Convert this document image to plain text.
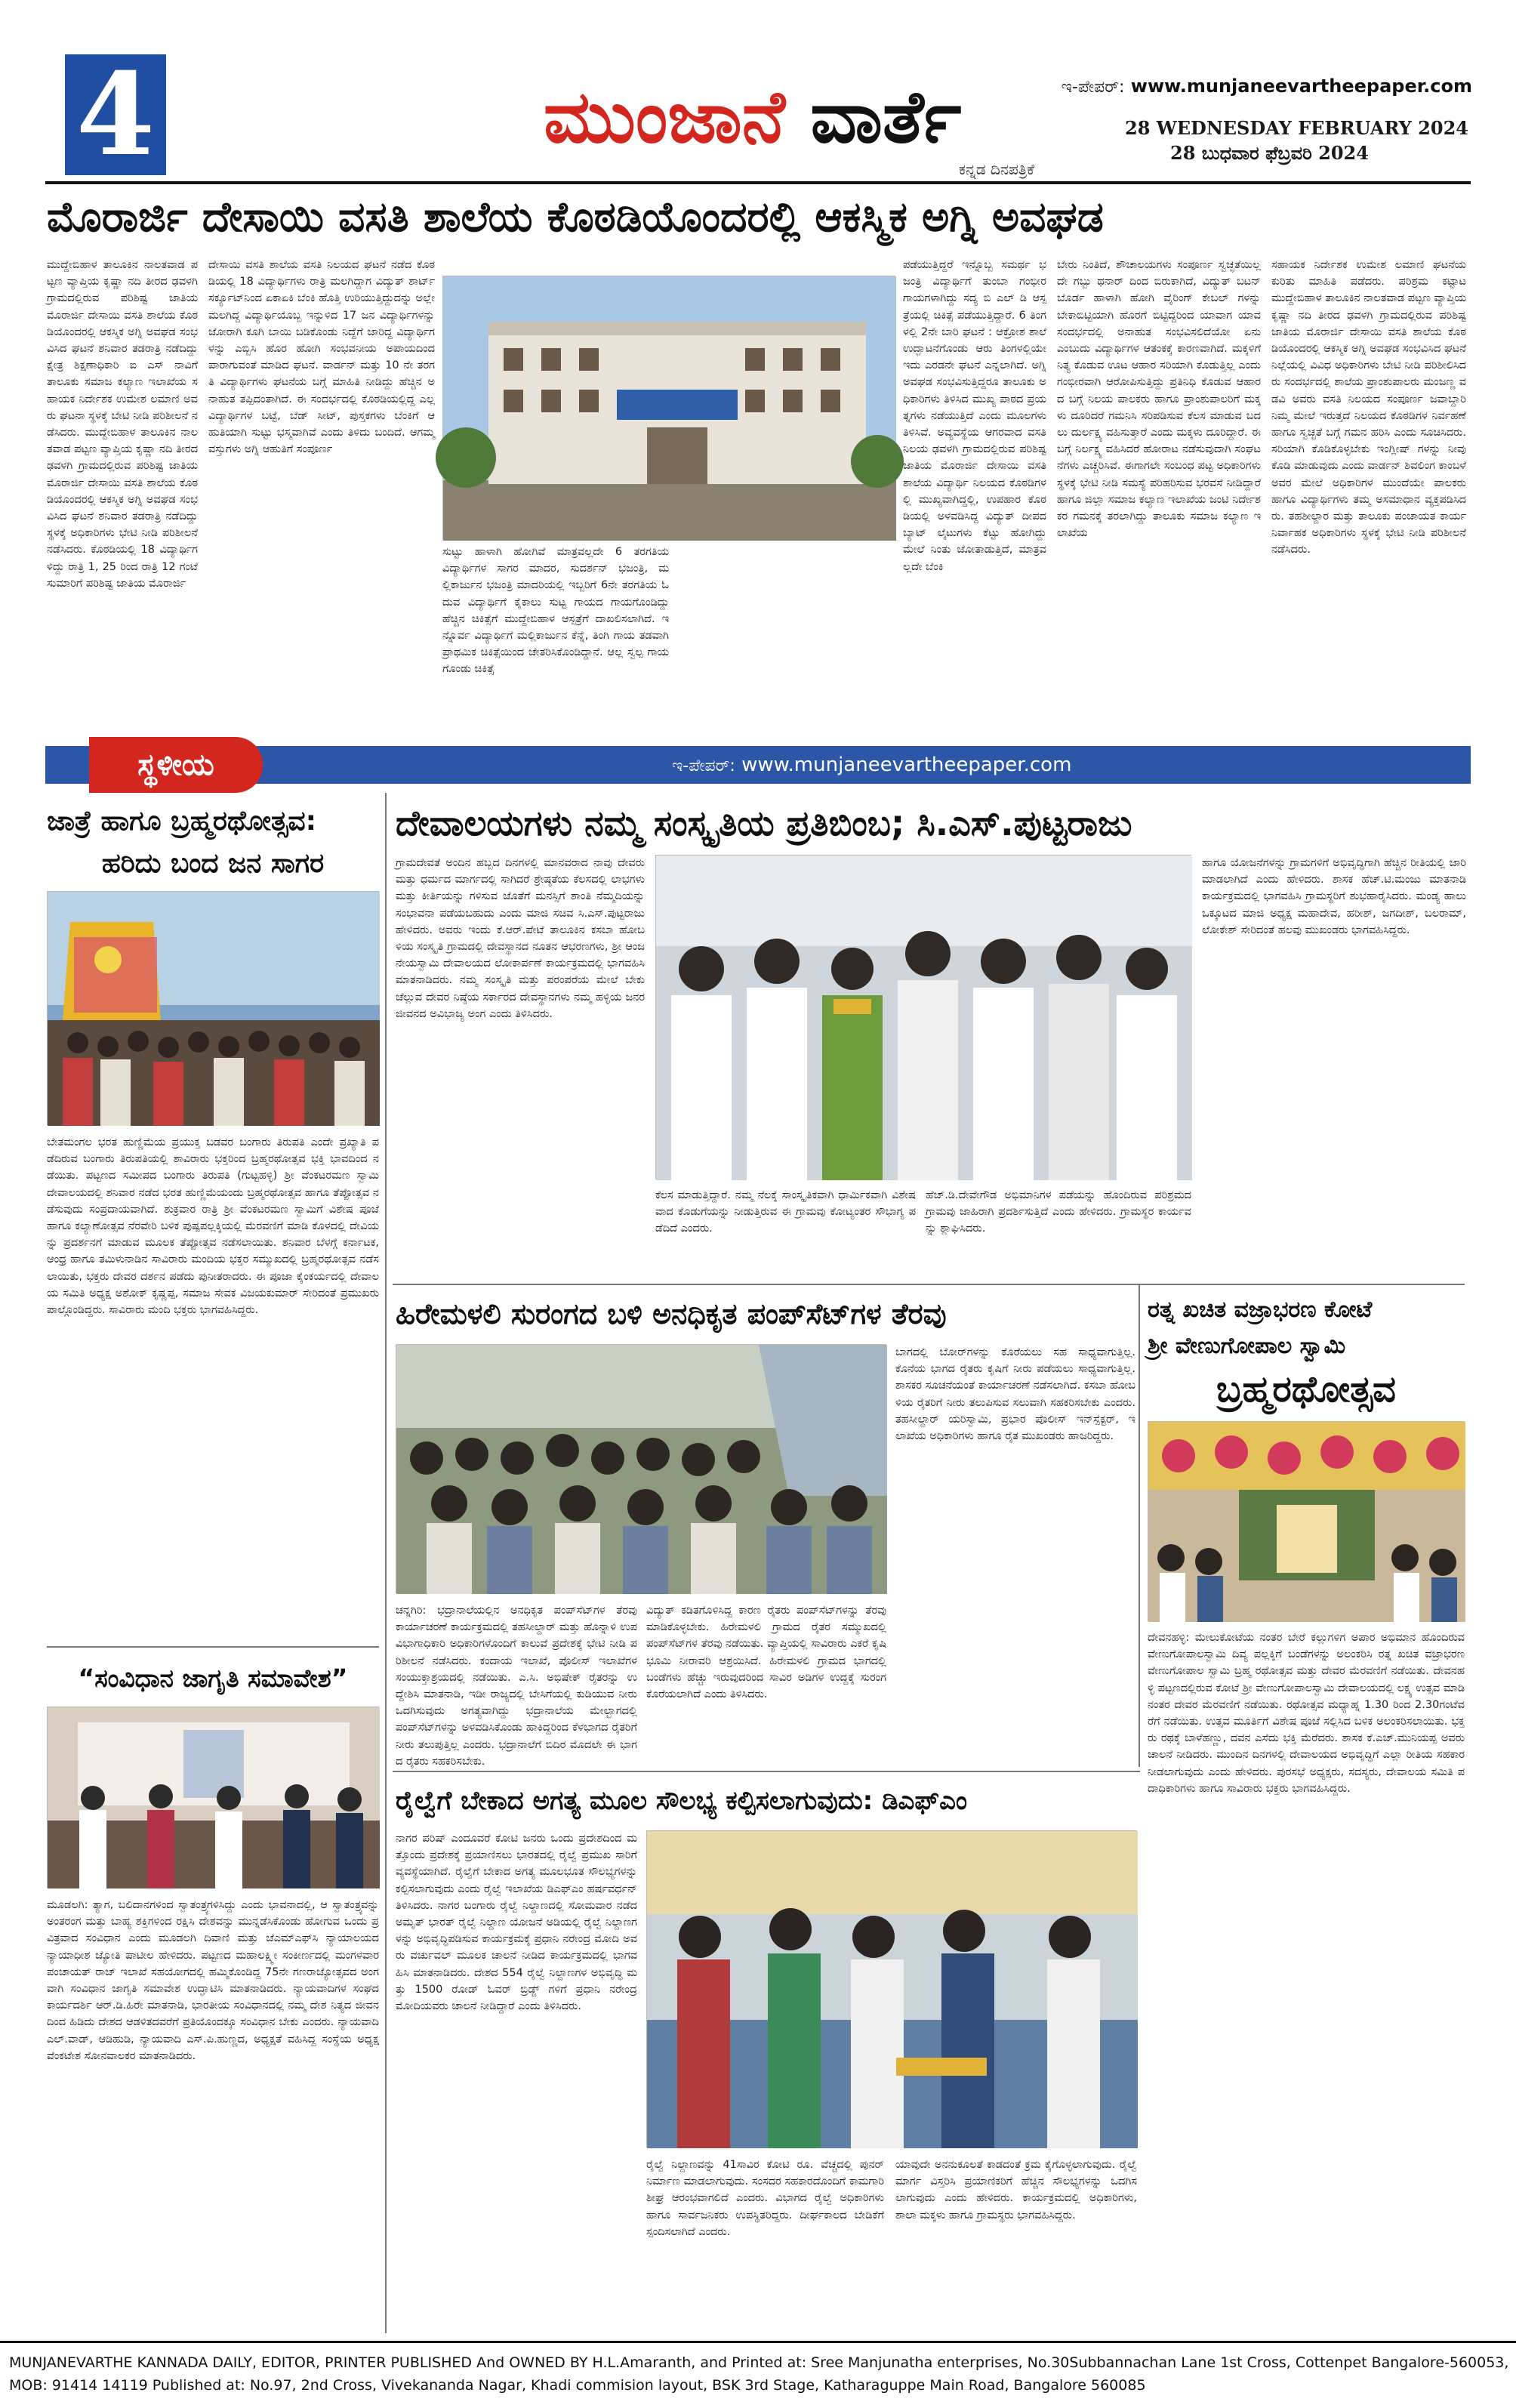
4	ಮುಂಜಾನೆ ವಾರ್ತೆ
ಕನ್ನಡ ದಿನಪತ್ರಿಕೆ
ಇ-ಪೇಪರ್: www.munjaneevartheepaper.com
28 WEDNESDAY FEBRUARY 2024
28 ಬುಧವಾರ ಫೆಬ್ರವರಿ 2024
ಮೊರಾರ್ಜಿ ದೇಸಾಯಿ ವಸತಿ ಶಾಲೆಯ ಕೊಠಡಿಯೊಂದರಲ್ಲಿ ಆಕಸ್ಮಿಕ ಅಗ್ನಿ ಅವಘಡ
ಮುದ್ದೇಬಿಹಾಳ ತಾಲೂಕಿನ ನಾಲತವಾಡ ಪಟ್ಟಣ ವ್ಯಾಪ್ತಿಯ ಕೃಷ್ಣಾ ನದಿ ತೀರದ ಢವಳಗಿ ಗ್ರಾಮದಲ್ಲಿರುವ ಪರಿಶಿಷ್ಟ ಜಾತಿಯ ಮೊರಾರ್ಜಿ ದೇಸಾಯಿ ವಸತಿ ಶಾಲೆಯ ಕೊಠಡಿಯೊಂದರಲ್ಲಿ ಆಕಸ್ಮಿಕ ಅಗ್ನಿ ಅವಘಡ ಸಂಭವಿಸಿದ ಘಟನೆ ಶನಿವಾರ ತಡರಾತ್ರಿ ನಡೆದಿದ್ದು ಕ್ಷೇತ್ರ ಶಿಕ್ಷಣಾಧಿಕಾರಿ ಐ ಎಸ್ ನಾವಿಗೆ ತಾಲೂಕು ಸಮಾಜ ಕಲ್ಯಾಣ ಇಲಾಖೆಯ ಸಹಾಯಕ ನಿರ್ದೇಶಕ ಉಮೇಶ ಲಮಾಣಿ ಅವರು ಘಟನಾ ಸ್ಥಳಕ್ಕೆ ಬೇಟಿ ನೀಡಿ ಪರಿಶೀಲನೆ ನಡೆಸಿದರು. ಮುದ್ದೇಬಿಹಾಳ ತಾಲೂಕಿನ ನಾಲತವಾಡ ಪಟ್ಟಣ ವ್ಯಾಪ್ತಿಯ ಕೃಷ್ಣಾ ನದಿ ತೀರದ ಢವಳಗಿ ಗ್ರಾಮದಲ್ಲಿರುವ ಪರಿಶಿಷ್ಟ ಜಾತಿಯ ಮೊರಾರ್ಜಿ ದೇಸಾಯಿ ವಸತಿ ಶಾಲೆಯ ಕೊಠಡಿಯೊಂದರಲ್ಲಿ ಆಕಸ್ಮಿಕ ಅಗ್ನಿ ಅವಘಡ ಸಂಭವಿಸಿದ ಘಟನೆ ಶನಿವಾರ ತಡರಾತ್ರಿ ನಡೆದಿದ್ದು ಸ್ಥಳಕ್ಕೆ ಅಧಿಕಾರಿಗಳು ಭೇಟಿ ನೀಡಿ ಪರಿಶೀಲನೆ ನಡೆಸಿದರು. ಕೊಠಡಿಯಲ್ಲಿ 18 ವಿದ್ಯಾರ್ಥಿಗಳಿದ್ದು ರಾತ್ರಿ 1, 25 ರಿಂದ ರಾತ್ರಿ 12 ಗಂಟೆ ಸುಮಾರಿಗೆ ಪರಿಶಿಷ್ಟ ಜಾತಿಯ ಮೊರಾರ್ಜಿ
ದೇಸಾಯಿ ವಸತಿ ಶಾಲೆಯ ವಸತಿ ನಿಲಯದ ಘಟನೆ ನಡೆದ ಕೊಠಡಿಯಲ್ಲಿ 18 ವಿದ್ಯಾರ್ಥಿಗಳು ರಾತ್ರಿ ಮಲಗಿದ್ದಾಗ ವಿದ್ಯುತ್ ಶಾರ್ಟ್ ಸರ್ಕ್ಯೂಟ್‌ನಿಂದ ಏಕಾಏಕಿ ಬೆಂಕಿ ಹೊತ್ತಿ ಉರಿಯುತ್ತಿದ್ದುದನ್ನು ಅಲ್ಲೇ ಮಲಗಿದ್ದ ವಿದ್ಯಾರ್ಥಿಯೊಬ್ಬ ಇನ್ನುಳಿದ 17 ಜನ ವಿದ್ಯಾರ್ಥಿಗಳನ್ನು ಜೋರಾಗಿ ಕೂಗಿ ಬಾಯಿ ಬಡಿಕೊಂಡು ನಿದ್ದೆಗೆ ಜಾರಿದ್ದ ವಿದ್ಯಾರ್ಥಿಗಳನ್ನು ಎಬ್ಬಿಸಿ ಹೊರ ಹೋಗಿ ಸಂಭವನೀಯ ಅಪಾಯದಿಂದ ಪಾರಾಗುವಂತೆ ಮಾಡಿದ ಘಟನೆ. ವಾರ್ಡನ್ ಮತ್ತು 10 ನೇ ತರಗತಿ ವಿದ್ಯಾರ್ಥಿಗಳು ಘಟನೆಯ ಬಗ್ಗೆ ಮಾಹಿತಿ ನೀಡಿದ್ದು ಹೆಚ್ಚಿನ ಅನಾಹುತ ತಪ್ಪಿದಂತಾಗಿದೆ. ಈ ಸಂದರ್ಭದಲ್ಲಿ ಕೊಠಡಿಯಲ್ಲಿದ್ದ ಎಲ್ಲ ವಿದ್ಯಾರ್ಥಿಗಳ ಬಟ್ಟೆ, ಬೆಡ್ ಸೀಟ್, ಪುಸ್ತಕಗಳು ಬೆಂಕಿಗೆ ಆಹುತಿಯಾಗಿ ಸುಟ್ಟು ಭಸ್ಮವಾಗಿವೆ ಎಂದು ತಿಳಿದು ಬಂದಿದೆ. ಆಗಮ್ಮ ವಸ್ತುಗಳು ಅಗ್ನಿ ಆಹುತಿಗೆ ಸಂಪೂರ್ಣ
ಸುಟ್ಟು ಹಾಳಾಗಿ ಹೋಗಿವೆ ಮಾತ್ರವಲ್ಲದೇ 6 ತರಗತಿಯ ವಿದ್ಯಾರ್ಥಿಗಳ ಸಾಗರ ಮಾದರ, ಸುದರ್ಶನ್ ಭಜಂತ್ರಿ, ಮಲ್ಲಿಕಾರ್ಜುನ ಭಜಂತ್ರಿ ಮಾದರಿಯಲ್ಲಿ ಇಬ್ಬರಿಗೆ 6ನೇ ತರಗತಿಯ ಓದುವ ವಿದ್ಯಾರ್ಥಿಗೆ ಕೈಕಾಲು ಸುಟ್ಟ ಗಾಯದ ಗಾಯಗೊಂಡಿದ್ದು ಹೆಚ್ಚಿನ ಚಿಕಿತ್ಸೆಗೆ ಮುದ್ದೇಬಿಹಾಳ ಆಸ್ಪತ್ರೆಗೆ ದಾಖಲಿಸಲಾಗಿದೆ. ಇನ್ನೊರ್ವ ವಿದ್ಯಾರ್ಥಿಗೆ ಮಲ್ಲಿಕಾರ್ಜುನ ಕೆನ್ನೆ, ತಿಂಗಿ ಗಾಯ ತಡವಾಗಿ ಪ್ರಾಥಮಿಕ ಚಿಕಿತ್ಸೆಯಿಂದ ಚೇತರಿಸಿಕೊಂಡಿದ್ದಾನೆ. ಆಲ್ಲ ಸ್ವಲ್ಪ ಗಾಯಗೊಂಡು ಚಿಕಿತ್ಸೆ
ಪಡೆಯುತ್ತಿದ್ದರೆ ಇನ್ನೊಬ್ಬ ಸಮರ್ಥ ಭಜಂತ್ರಿ ವಿದ್ಯಾರ್ಥಿಗೆ ತುಂಬಾ ಗಂಭೀರ ಗಾಯಗಳಾಗಿದ್ದು ಸದ್ಯ ಬಿ ಎಲ್ ಡಿ ಆಸ್ಪತ್ರೆಯಲ್ಲಿ ಚಿಕಿತ್ಸೆ ಪಡೆಯುತ್ತಿದ್ದಾರೆ. 6 ತಿಂಗಳಲ್ಲಿ 2ನೇ ಬಾರಿ ಘಟನೆ : ಆಕ್ರೋಶ ಶಾಲೆ ಉದ್ಘಾಟನೆಗೊಂಡು ಆರು ತಿಂಗಳಲ್ಲಿಯೇ ಇದು ಎರಡನೇ ಘಟನೆ ಎನ್ನಲಾಗಿದೆ. ಅಗ್ನಿ ಅವಘಡ ಸಂಭವಿಸುತ್ತಿದ್ದರೂ ತಾಲೂಕು ಅಧಿಕಾರಿಗಳು ತಿಳಿಸಿದ ಮುಖ್ಯ ಪಾಠದ ಪ್ರಯತ್ನಗಳು ನಡೆಯುತ್ತಿದೆ ಎಂದು ಮೂಲಗಳು ತಿಳಿಸಿವೆ. ಅವ್ಯವಸ್ಥೆಯ ಆಗರವಾದ ವಸತಿ ನಿಲಯ ಢವಳಗಿ ಗ್ರಾಮದಲ್ಲಿರುವ ಪರಿಶಿಷ್ಟ ಜಾತಿಯ ಮೊರಾರ್ಜಿ ದೇಸಾಯಿ ವಸತಿ ಶಾಲೆಯ ವಿದ್ಯಾರ್ಥಿ ನಿಲಯದ ಕೊಠಡಿಗಳಲ್ಲಿ ಮುಖ್ಯವಾಗಿದ್ದಲ್ಲಿ, ಉಪಹಾರ ಕೊಠಡಿಯಲ್ಲಿ ಅಳವಡಿಸಿದ್ದ ವಿದ್ಯುತ್ ದೀಪದ ಬ್ಯಾಟ್ ಲೈಟುಗಳು ಕೆಟ್ಟು ಹೋಗಿದ್ದು ಮೇಲೆ ನಿಂತು ಜೋತಾಡುತ್ತಿದೆ, ಮಾತ್ರವಲ್ಲದೇ ಬೆಂಕಿ
ಬೇರು ನಿಂತಿದೆ, ಶೌಚಾಲಯಗಳು ಸಂಪೂರ್ಣ ಸ್ವಚ್ಛತೆಯಿಲ್ಲದೇ ಗಬ್ಬು ಥನಾರ್ ದಿಂದ ಬಿರುಕಾಗಿದೆ, ವಿದ್ಯುತ್ ಬಟನ್ ಬೊರ್ಡ ಹಾಳಾಗಿ ಹೋಗಿ ವೈರಿಂಗ್ ಕೇಬಲ್ ಗಳನ್ನು ಬೇಕಾಬಿಟ್ಟಿಯಾಗಿ ಹೊರಗೆ ಬಿಟ್ಟಿದ್ದರಿಂದ ಯಾವಾಗ ಯಾವ ಸಂದರ್ಭದಲ್ಲಿ ಅನಾಹುತ ಸಂಭವಿಸಲಿದೆಯೋ ಏನು ಎಂಬುದು ವಿದ್ಯಾರ್ಥಿಗಳ ಆತಂಕಕ್ಕೆ ಕಾರಣವಾಗಿದೆ. ಮಕ್ಕಳಿಗೆ ನಿತ್ಯ ಕೊಡುವ ಊಟ ಆಹಾರ ಸರಿಯಾಗಿ ಕೊಡುತ್ತಿಲ್ಲ ಎಂದು ಗಂಭೀರವಾಗಿ ಆರೋಪಿಸುತ್ತಿದ್ದು ಪ್ರತಿನಿಧಿ ಕೊಡುವ ಆಹಾರದ ಬಗ್ಗೆ ನಿಲಯ ಪಾಲಕರು ಹಾಗೂ ಪ್ರಾಂಶುಪಾಲರಿಗೆ ಮಕ್ಕಳು ದೂರಿದರೆ ಗಮನಿಸಿ ಸರಿಪಡಿಸುವ ಕೆಲಸ ಮಾಡುವ ಬದಲು ದುರ್ಲಕ್ಷ್ಯ ವಹಿಸುತ್ತಾರೆ ಎಂದು ಮಕ್ಕಳು ದೂರಿದ್ದಾರೆ. ಈ ಬಗ್ಗೆ ನಿರ್ಲಕ್ಷ್ಯ ವಹಿಸಿದರೆ ಹೋರಾಟ ನಡೆಸುವುದಾಗಿ ಸಂಘಟನೆಗಳು ಎಚ್ಚರಿಸಿವೆ. ಈಗಾಗಲೇ ಸಂಬಂಧ ಪಟ್ಟ ಅಧಿಕಾರಿಗಳು ಸ್ಥಳಕ್ಕೆ ಭೇಟಿ ನೀಡಿ ಸಮಸ್ಯೆ ಪರಿಹರಿಸುವ ಭರವಸೆ ನೀಡಿದ್ದಾರೆ ಹಾಗೂ ಜಿಲ್ಲಾ ಸಮಾಜ ಕಲ್ಯಾಣ ಇಲಾಖೆಯ ಜಂಟಿ ನಿರ್ದೇಶಕರ ಗಮನಕ್ಕೆ ತರಲಾಗಿದ್ದು ತಾಲೂಕು ಸಮಾಜ ಕಲ್ಯಾಣ ಇಲಾಖೆಯ
ಸಹಾಯಕ ನಿರ್ದೇಶಕ ಉಮೇಶ ಲಮಾಣಿ ಘಟನೆಯ ಕುರಿತು ಮಾಹಿತಿ ಪಡೆದರು. ಪರಿಶ್ರಮ ಕಟ್ಟಾಟ ಮುದ್ದೇಬಿಹಾಳ ತಾಲೂಕಿನ ನಾಲತವಾಡ ಪಟ್ಟಣ ವ್ಯಾಪ್ತಿಯ ಕೃಷ್ಣಾ ನದಿ ತೀರದ ಢವಳಗಿ ಗ್ರಾಮದಲ್ಲಿರುವ ಪರಿಶಿಷ್ಟ ಜಾತಿಯ ಮೊರಾರ್ಜಿ ದೇಸಾಯಿ ವಸತಿ ಶಾಲೆಯ ಕೊಠಡಿಯೊಂದರಲ್ಲಿ ಆಕಸ್ಮಿಕ ಅಗ್ನಿ ಅವಘಡ ಸಂಭವಿಸಿದ ಘಟನೆ ನಿಲ್ಲೆಯಲ್ಲಿ ವಿವಿಧ ಅಧಿಕಾರಿಗಳು ಬೇಟಿ ನೀಡಿ ಪರಿಶೀಲಿಸಿದರು ಸಂದರ್ಭದಲ್ಲಿ ಶಾಲೆಯ ಪ್ರಾಂಶುಪಾಲರು ಮಂಜಣ್ಣ ವಡವಿ ಅವರು ವಸತಿ ನಿಲಯದ ಸಂಪೂರ್ಣ ಜವಾಬ್ದಾರಿ ನಿಮ್ಮ ಮೇಲೆ ಇರುತ್ತದೆ ನಿಲಯದ ಕೊಠಡಿಗಳ ನಿರ್ವಹಣೆ ಹಾಗೂ ಸ್ವಚ್ಛತೆ ಬಗ್ಗೆ ಗಮನ ಹರಿಸಿ ಎಂದು ಸೂಚಿಸಿದರು. ಸರಿಯಾಗಿ ಕೊಡಿಕೊಳ್ಳಬೇಕು ಇಂಗ್ಲೀಷ್ ಗಳನ್ನು ನೀವು ಕೊಡಿ ಮಾಡುವುದು ಎಂದು ವಾರ್ಡನ್ ಶಿವಲಿಂಗ ಕಾಂಬಳೆ ಅವರ ಮೇಲೆ ಅಧಿಕಾರಿಗಳ ಮುಂದೆಯೇ ಪಾಲಕರು ಹಾಗೂ ವಿದ್ಯಾರ್ಥಿಗಳು ತಮ್ಮ ಅಸಮಾಧಾನ ವ್ಯಕ್ತಪಡಿಸಿದರು. ತಹಶೀಲ್ದಾರ ಮತ್ತು ತಾಲೂಕು ಪಂಚಾಯತ ಕಾರ್ಯನಿರ್ವಾಹಕ ಅಧಿಕಾರಿಗಳು ಸ್ಥಳಕ್ಕೆ ಭೇಟಿ ನೀಡಿ ಪರಿಶೀಲನೆ ನಡೆಸಿದರು.
ಸ್ಥಳೀಯ	ಇ-ಪೇಪರ್: www.munjaneevartheepaper.com
ಜಾತ್ರೆ ಹಾಗೂ ಬ್ರಹ್ಮರಥೋತ್ಸವ:
ಹರಿದು ಬಂದ ಜನ ಸಾಗರ
ಬೇತಮಂಗಲ ಭರತ ಹುಣ್ಣಿಮೆಯ ಪ್ರಯುಕ್ತ ಬಡವರ ಬಂಗಾರು ತಿರುಪತಿ ಎಂದೇ ಪ್ರಖ್ಯಾತಿ ಪಡೆದಿರುವ ಬಂಗಾರು ತಿರುಪತಿಯಲ್ಲಿ ಶಾವಿರಾರು ಭಕ್ತರಿಂದ ಬ್ರಹ್ಮರಥೋತ್ಸವ ಭಕ್ತಿ ಭಾವದಿಂದ ನಡೆಯಿತು. ಪಟ್ಟಣದ ಸಮೀಪದ ಬಂಗಾರು ತಿರುಪತಿ (ಗುಟ್ಟಹಳ್ಳಿ) ಶ್ರೀ ವೆಂಕಟರಮಣ ಸ್ವಾಮಿ ದೇವಾಲಯದಲ್ಲಿ ಶನಿವಾರ ನಡೆದ ಭರತ ಹುಣ್ಣಿಮೆಯಂದು ಬ್ರಹ್ಮರಥೋತ್ಸವ ಹಾಗೂ ತೆಪ್ಪೋತ್ಸವ ನಡೆಸುವುದು ಸಂಪ್ರದಾಯವಾಗಿದೆ. ಶುಕ್ರವಾರ ರಾತ್ರಿ ಶ್ರೀ ವೆಂಕಟರಮಣ ಸ್ವಾಮಿಗೆ ವಿಶೇಷ ಪೂಜೆ ಹಾಗೂ ಕಲ್ಯಾಣೋತ್ಸವ ನೆರವೇರಿ ಬಳಿಕ ಪುಷ್ಪಪಲ್ಲಕ್ಕಿಯಲ್ಲಿ ಮೆರವಣಿಗೆ ಮಾಡಿ ಕೊಳದಲ್ಲಿ ದೇವಿಯನ್ನು ಪ್ರದರ್ಶನಗೆ ಮಾಡುವ ಮೂಲಕ ತೆಪ್ಪೋತ್ಸವ ನಡೆಸಲಾಯಿತು. ಶನಿವಾರ ಬೆಳಗ್ಗೆ ಕರ್ನಾಟಕ, ಆಂಧ್ರ ಹಾಗೂ ತಮಿಳುನಾಡಿನ ಸಾವಿರಾರು ಮಂದಿಯ ಭಕ್ತರ ಸಮ್ಮುಖದಲ್ಲಿ ಬ್ರಹ್ಮರಥೋತ್ಸವ ನಡೆಸಲಾಯಿತು, ಭಕ್ತರು ದೇವರ ದರ್ಶನ ಪಡೆದು ಪುನೀತರಾದರು. ಈ ಪೂಜಾ ಕೈಂಕರ್ಯದಲ್ಲಿ ದೇವಾಲಯ ಸಮಿತಿ ಅಧ್ಯಕ್ಷ ಅಶೋಕ್ ಕೃಷ್ಣಪ್ಪ, ಸಮಾಜ ಸೇವಕ ವಿಜಯಕುಮಾರ್ ಸೇರಿದಂತೆ ಪ್ರಮುಖರು ಪಾಲ್ಗೊಂಡಿದ್ದರು. ಸಾವಿರಾರು ಮಂದಿ ಭಕ್ತರು ಭಾಗವಹಿಸಿದ್ದರು.
“ಸಂವಿಧಾನ ಜಾಗೃತಿ ಸಮಾವೇಶ”
ಮೂಡಲಗಿ: ತ್ಯಾಗ, ಬಲಿದಾನಗಳಿಂದ ಸ್ವಾತಂತ್ರ್ಯಗಳಿಸಿದ್ದು ಎಂದು ಭಾವನಾದಲ್ಲಿ, ಆ ಸ್ವಾತಂತ್ರ್ಯವನ್ನು ಅಂತರಂಗ ಮತ್ತು ಬಾಹ್ಯ ಶಕ್ತಿಗಳಿಂದ ರಕ್ಷಿಸಿ ದೇಶವನ್ನು ಮುನ್ನಡೆಸಿಕೊಂಡು ಹೋಗುವ ಒಂದು ಪ್ರವಿತ್ರವಾದ ಸಂವಿಧಾನ ಎಂದು ಮೂಡಲಗಿ ದಿವಾಣಿ ಮತ್ತು ಜೆಎಮ್‌ಎಫ್‌ಸಿ ನ್ಯಾಯಾಲಯದ ನ್ಯಾಯಾಧೀಶ ಜ್ಯೋತಿ ಪಾಟೀಲ ಹೇಳಿದರು. ಪಟ್ಟಣದ ಮಹಾಲಕ್ಷ್ಮೀ ಸಂಕೀರ್ಣದಲ್ಲಿ ಮಂಗಳವಾರ ಪಂಚಾಯತ್ ರಾಜ್ ಇಲಾಖೆ ಸಹಯೋಗದಲ್ಲಿ ಹಮ್ಮಿಕೊಂಡಿದ್ದ 75ನೇ ಗಣರಾಜ್ಯೋತ್ಸವದ ಅಂಗವಾಗಿ ಸಂವಿಧಾನ ಜಾಗೃತಿ ಸಮಾವೇಶ ಉದ್ಘಾಟಿಸಿ ಮಾತನಾಡಿದರು. ನ್ಯಾಯವಾದಿಗಳ ಸಂಘದ ಕಾರ್ಯದರ್ಶಿ ಆರ್.ಡಿ.ಹಿರೇ ಮಾತನಾಡಿ, ಭಾರತೀಯ ಸಂವಿಧಾನದಲ್ಲಿ ನಮ್ಮ ದೇಶ ನಿತ್ಯದ ಜೀವನದಿಂದ ಹಿಡಿದು ದೇಶದ ಆಡಳಿತದವರೆಗೆ ಪ್ರತಿಯೊಂದಕ್ಕೂ ಸಂವಿಧಾನ ಬೇಕು ಎಂದರು. ನ್ಯಾಯವಾದಿ ಎಲ್.ವಾಡ್, ಆಡಿಹುಡಿ, ನ್ಯಾಯವಾದಿ ಎಸ್.ಪಿ.ಹುಣ್ಣದ, ಅಧ್ಯಕ್ಷತೆ ವಹಿಸಿದ್ದ ಸಂಸ್ಥೆಯ ಅಧ್ಯಕ್ಷ ವೆಂಕಟೇಶ ಸೋನವಾಲಕರ ಮಾತನಾಡಿದರು.
ದೇವಾಲಯಗಳು ನಮ್ಮ ಸಂಸ್ಕೃತಿಯ ಪ್ರತಿಬಿಂಬ; ಸಿ.ಎಸ್.ಪುಟ್ಟರಾಜು
ಗ್ರಾಮದೇವತೆ ಅಂದಿನ ಹಬ್ಬದ ದಿನಗಳಲ್ಲಿ ಮಾನವರಾದ ನಾವು ದೇವರು ಮತ್ತು ಧರ್ಮದ ಮಾರ್ಗದಲ್ಲಿ ಸಾಗಿದರೆ ಶ್ರೇಷ್ಠತೆಯ ಕೆಲಸದಲ್ಲಿ ಲಾಭಗಳು ಮತ್ತು ಕೀರ್ತಿಯನ್ನು ಗಳಿಸುವ ಜೊತೆಗೆ ಮನಸ್ಸಿಗೆ ಶಾಂತಿ ನೆಮ್ಮದಿಯನ್ನು ಸಂಭಾವನಾ ಪಡೆಯಬಹುದು ಎಂದು ಮಾಜಿ ಸಚಿವ ಸಿ.ಎಸ್.ಪುಟ್ಟರಾಜು ಹೇಳಿದರು. ಅವರು ಇಂದು ಕೆ.ಆರ್.ಪೇಟೆ ತಾಲೂಕಿನ ಕಸಬಾ ಹೋಬಳಿಯ ಸಂಸ್ಕೃತಿ ಗ್ರಾಮದಲ್ಲಿ ದೇವಸ್ಥಾನದ ನೂತನ ಆಭರಣಗಳು, ಶ್ರೀ ಆಂಜನೇಯಸ್ವಾಮಿ ದೇವಾಲಯದ ಲೋಕಾರ್ಪಣೆ ಕಾರ್ಯಕ್ರಮದಲ್ಲಿ ಭಾಗವಹಿಸಿ ಮಾತನಾಡಿದರು. ನಮ್ಮ ಸಂಸ್ಕೃತಿ ಮತ್ತು ಪರಂಪರೆಯ ಮೇಲೆ ಬೇಕು ಚೆಲ್ಲುವ ದೇವರ ನಿಷ್ಠೆಯ ಸರ್ಕಾರದ ದೇವಸ್ಥಾನಗಳು ನಮ್ಮ ಹಳ್ಳಿಯ ಜನರ ಜೀವನದ ಅವಿಭಾಜ್ಯ ಅಂಗ ಎಂದು ತಿಳಿಸಿದರು.
ಕೆಲಸ ಮಾಡುತ್ತಿದ್ದಾರೆ. ನಮ್ಮ ನೆಲಕ್ಕೆ ಸಾಂಸ್ಕೃತಿಕವಾಗಿ ಧಾರ್ಮಿಕವಾಗಿ ವಿಶೇಷವಾದ ಕೊಡುಗೆಯನ್ನು ನೀಡುತ್ತಿರುವ ಈ ಗ್ರಾಮವು ಕೋಟ್ಯಂತರ ಸೌಭಾಗ್ಯ ಪಡೆದಿದೆ ಎಂದರು.
ಹೆಚ್.ಡಿ.ದೇವೇಗೌಡ ಅಭಿಮಾನಿಗಳ ಪಡೆಯನ್ನು ಹೊಂದಿರುವ ಪರಿಶ್ರಮದ ಗ್ರಾಮವು ಜಾಹಿರಾಗಿ ಪ್ರದರ್ಶಿಸುತ್ತಿದೆ ಎಂದು ಹೇಳಿದರು. ಗ್ರಾಮಸ್ಥರ ಕಾರ್ಯವನ್ನು ಶ್ಲಾಘಿಸಿದರು.
ಹಾಗೂ ಯೋಜನೆಗಳನ್ನು ಗ್ರಾಮಗಳಿಗೆ ಅಭಿವೃದ್ಧಿಗಾಗಿ ಹೆಚ್ಚಿನ ರೀತಿಯಲ್ಲಿ ಜಾರಿ ಮಾಡಲಾಗಿದೆ ಎಂದು ಹೇಳಿದರು. ಶಾಸಕ ಹೆಚ್.ಟಿ.ಮಂಜು ಮಾತನಾಡಿ ಕಾರ್ಯಕ್ರಮದಲ್ಲಿ ಭಾಗವಹಿಸಿ ಗ್ರಾಮಸ್ಥರಿಗೆ ಶುಭಹಾರೈಸಿದರು. ಮಂಡ್ಯ ಹಾಲು ಒಕ್ಕೂಟದ ಮಾಜಿ ಅಧ್ಯಕ್ಷ ಮಹಾದೇವ, ಹರೀಶ್, ಜಗದೀಶ್, ಬಲರಾಮ್, ಲೋಕೇಶ್ ಸೇರಿದಂತೆ ಹಲವು ಮುಖಂಡರು ಭಾಗವಹಿಸಿದ್ದರು.
ಹಿರೇಮಳಲಿ ಸುರಂಗದ ಬಳಿ ಅನಧಿಕೃತ ಪಂಪ್‌ಸೆಟ್‌ಗಳ ತೆರವು
ಬಾಗದಲ್ಲಿ ಬೋರ್‌ಗಳನ್ನು ಕೊರೆಯಲು ಸಹ ಸಾಧ್ಯವಾಗುತ್ತಿಲ್ಲ. ಕೊನೆಯ ಭಾಗದ ರೈತರು ಕೃಷಿಗೆ ನೀರು ಪಡೆಯಲು ಸಾಧ್ಯವಾಗುತ್ತಿಲ್ಲ. ಶಾಸಕರ ಸೂಚನೆಯಂತೆ ಕಾರ್ಯಾಚರಣೆ ನಡೆಸಲಾಗಿದೆ. ಕಸಬಾ ಹೋಬಳಿಯ ರೈತರಿಗೆ ನೀರು ತಲುಪಿಸುವ ಸಲುವಾಗಿ ಸಹಕರಿಸಬೇಕು ಎಂದರು. ತಹಸೀಲ್ದಾರ್ ಯರಿಸ್ವಾಮಿ, ಪ್ರಭಾರ ಪೊಲೀಸ್ ಇನ್‌ಸ್ಪೆಕ್ಟರ್, ಇಲಾಖೆಯ ಅಧಿಕಾರಿಗಳು ಹಾಗೂ ರೈತ ಮುಖಂಡರು ಹಾಜರಿದ್ದರು.
ಚನ್ನಗಿರಿ: ಭದ್ರಾನಾಲೆಯಲ್ಲಿನ ಅನಧಿಕೃತ ಪಂಪ್‌ಸೆಟ್‌ಗಳ ತೆರವು ಕಾರ್ಯಾಚರಣೆ ಕಾರ್ಯಕ್ರಮದಲ್ಲಿ ತಹಸೀಲ್ದಾರ್ ಮತ್ತು ಹೊನ್ನಾಳಿ ಉಪವಿಭಾಗಾಧಿಕಾರಿ ಅಧಿಕಾರಿಗಳೊಂದಿಗೆ ಕಾಲುವೆ ಪ್ರದೇಶಕ್ಕೆ ಭೇಟಿ ನೀಡಿ ಪರಿಶೀಲನೆ ನಡೆಸಿದರು. ಕಂದಾಯ ಇಲಾಖೆ, ಪೊಲೀಸ್ ಇಲಾಖೆಗಳ ಸಂಯುಕ್ತಾಶ್ರಯದಲ್ಲಿ ನಡೆಯಿತು. ಎ.ಸಿ. ಅಭಿಷೇಕ್ ರೈತರನ್ನು ಉದ್ದೇಶಿಸಿ ಮಾತನಾಡಿ, ಇಡೀ ರಾಜ್ಯದಲ್ಲಿ ಬೇಸಿಗೆಯಲ್ಲಿ ಕುಡಿಯುವ ನೀರು ಒದಗಿಸುವುದು ಅಗತ್ಯವಾಗಿದ್ದು ಭದ್ರಾನಾಲೆಯ ಮೇಲ್ಭಾಗದಲ್ಲಿ ಪಂಪ್‌ಸೆಟ್‌ಗಳನ್ನು ಅಳವಡಿಸಿಕೊಂಡು ಹಾಕಿದ್ದರಿಂದ ಕೆಳಭಾಗದ ರೈತರಿಗೆ ನೀರು ತಲುಪುತ್ತಿಲ್ಲ ಎಂದರು. ಭದ್ರಾನಾಲೆಗೆ ಬಿದಿರ ಮೊದಲೇ ಈ ಭಾಗದ ರೈತರು ಸಹಕರಿಸಬೇಕು.
ವಿದ್ಯುತ್ ಕಡಿತಗೊಳಿಸಿದ್ದ ಕಾರಣ ರೈತರು ಪಂಪ್‌ಸೆಟ್‌ಗಳನ್ನು ತೆರವು ಮಾಡಿಕೊಳ್ಳಬೇಕು. ಹಿರೇಮಳಲಿ ಗ್ರಾಮದ ರೈತರ ಸಮ್ಮುಖದಲ್ಲಿ ಪಂಪ್‌ಸೆಟ್‌ಗಳ ತೆರವು ನಡೆಯಿತು. ವ್ಯಾಪ್ತಿಯಲ್ಲಿ ಸಾವಿರಾರು ಎಕರೆ ಕೃಷಿ ಭೂಮಿ ನೀರಾವರಿ ಆಶ್ರಯಿಸಿದೆ. ಹಿರೇಮಳಲಿ ಗ್ರಾಮದ ಭಾಗದಲ್ಲಿ ಬಂಡೆಗಳು ಹೆಚ್ಚು ಇರುವುದರಿಂದ ಸಾವಿರ ಅಡಿಗಳ ಉದ್ದಕ್ಕೆ ಸುರಂಗ ಕೊರೆಯಲಾಗಿದೆ ಎಂದು ತಿಳಿಸಿದರು.
ರತ್ನ ಖಚಿತ ವಜ್ರಾಭರಣ ಕೋಟೆ
ಶ್ರೀ ವೇಣುಗೋಪಾಲ ಸ್ವಾಮಿ
ಬ್ರಹ್ಮರಥೋತ್ಸವ
ದೇವನಹಳ್ಳಿ: ಮೇಲುಕೋಟೆಯ ನಂತರ ಬೇರೆ ಕಲ್ಲುಗಳಿಗ ಅಪಾರ ಅಭಿಮಾನ ಹೊಂದಿರುವ ವೇಣುಗೋಪಾಲಸ್ವಾಮಿ ದಿವ್ಯ ಪಲ್ಲಕ್ಕಿಗೆ ಬಂಡೆಗಳನ್ನು ಅಲಂಕರಿಸಿ ರತ್ನ ಖಚಿತ ವಜ್ರಾಭರಣ ವೇಣುಗೋಪಾಲ ಸ್ವಾಮಿ ಬ್ರಹ್ಮ ರಥೋತ್ಸವ ಮತ್ತು ದೇವರ ಮೆರವಣಿಗೆ ನಡೆಯಿತು. ದೇವನಹಳ್ಳಿ ಪಟ್ಟಣದಲ್ಲಿರುವ ಕೋಟೆ ಶ್ರೀ ವೇಣುಗೋಪಾಲಸ್ವಾಮಿ ದೇವಾಲಯದಲ್ಲಿ ಲಕ್ಷ್ಯ ಉತ್ಸವ ಮಾಡಿ ನಂತರ ದೇವರ ಮೆರವಣಿಗೆ ನಡೆಯಿತು. ರಥೋತ್ಸವ ಮಧ್ಯಾಹ್ನ 1.30 ರಿಂದ 2.30ಗಂಟೆವರೆಗೆ ನಡೆಯಿತು. ಉತ್ಸವ ಮೂರ್ತಿಗೆ ವಿಶೇಷ ಪೂಜೆ ಸಲ್ಲಿಸಿದ ಬಳಿಕ ಅಲಂಕರಿಸಲಾಯಿತು. ಭಕ್ತರು ರಥಕ್ಕೆ ಬಾಳೆಹಣ್ಣು, ದವನ ಎಸೆದು ಭಕ್ತಿ ಮೆರೆದರು. ಶಾಸಕ ಕೆ.ಎಚ್.ಮುನಿಯಪ್ಪ ಅವರು ಚಾಲನೆ ನೀಡಿದರು. ಮುಂದಿನ ದಿನಗಳಲ್ಲಿ ದೇವಾಲಯದ ಅಭಿವೃದ್ಧಿಗೆ ಎಲ್ಲಾ ರೀತಿಯ ಸಹಕಾರ ನೀಡಲಾಗುವುದು ಎಂದು ಹೇಳಿದರು. ಪುರಸಭೆ ಅಧ್ಯಕ್ಷರು, ಸದಸ್ಯರು, ದೇವಾಲಯ ಸಮಿತಿ ಪದಾಧಿಕಾರಿಗಳು ಹಾಗೂ ಸಾವಿರಾರು ಭಕ್ತರು ಭಾಗವಹಿಸಿದ್ದರು.
ರೈಲ್ವೆಗೆ ಬೇಕಾದ ಅಗತ್ಯ ಮೂಲ ಸೌಲಭ್ಯ ಕಲ್ಪಿಸಲಾಗುವುದು: ಡಿಎಫ್ಎಂ
ನಾಗರ ಪರಿಷ್ ಎಂದೂವರೆ ಕೋಟಿ ಜನರು ಒಂದು ಪ್ರದೇಶದಿಂದ ಮತ್ತೊಂದು ಪ್ರದೇಶಕ್ಕೆ ಪ್ರಯಾಣಿಸಲು ಭಾರತದಲ್ಲಿ ರೈಲ್ವೆ ಪ್ರಮುಖ ಸಾರಿಗೆ ವ್ಯವಸ್ಥೆಯಾಗಿದೆ. ರೈಲ್ವೆಗೆ ಬೇಕಾದ ಅಗತ್ಯ ಮೂಲಭೂತ ಸೌಲಭ್ಯಗಳನ್ನು ಕಲ್ಪಿಸಲಾಗುವುದು ಎಂದು ರೈಲ್ವೆ ಇಲಾಖೆಯ ಡಿಎಫ್ಎಂ ಹರ್ಷವರ್ಧನ್ ತಿಳಿಸಿದರು. ನಾಗರ ಬಂಗಾರು ರೈಲ್ವೆ ನಿಲ್ದಾಣದಲ್ಲಿ ಸೋಮವಾರ ನಡೆದ ಅಮೃತ್ ಭಾರತ್ ರೈಲ್ವೆ ನಿಲ್ದಾಣ ಯೋಜನೆ ಅಡಿಯಲ್ಲಿ ರೈಲ್ವೆ ನಿಲ್ದಾಣಗಳನ್ನು ಅಭಿವೃದ್ಧಿಪಡಿಸುವ ಕಾರ್ಯಕ್ರಮಕ್ಕೆ ಪ್ರಧಾನಿ ನರೇಂದ್ರ ಮೋದಿ ಅವರು ವರ್ಚುವಲ್ ಮೂಲಕ ಚಾಲನೆ ನೀಡಿದ ಕಾರ್ಯಕ್ರಮದಲ್ಲಿ ಭಾಗವಹಿಸಿ ಮಾತನಾಡಿದರು. ದೇಶದ 554 ರೈಲ್ವೆ ನಿಲ್ದಾಣಗಳ ಅಭಿವೃದ್ಧಿ ಮತ್ತು 1500 ರೋಡ್ ಓವರ್ ಬ್ರಿಡ್ಜ್ ಗಳಿಗೆ ಪ್ರಧಾನಿ ನರೇಂದ್ರ ಮೋದಿಯವರು ಚಾಲನೆ ನೀಡಿದ್ದಾರೆ ಎಂದು ತಿಳಿಸಿದರು.
ರೈಲ್ವೆ ನಿಲ್ದಾಣವನ್ನು 41ಸಾವಿರ ಕೋಟಿ ರೂ. ವೆಚ್ಚದಲ್ಲಿ ಪುನರ್ ನಿರ್ಮಾಣ ಮಾಡಲಾಗುವುದು. ಸಂಸದರ ಸಹಕಾರದೊಂದಿಗೆ ಕಾಮಗಾರಿ ಶೀಘ್ರ ಆರಂಭವಾಗಲಿದೆ ಎಂದರು. ವಿಭಾಗದ ರೈಲ್ವೆ ಅಧಿಕಾರಿಗಳು ಹಾಗೂ ಸಾರ್ವಜನಿಕರು ಉಪಸ್ಥಿತರಿದ್ದರು. ದೀರ್ಘಕಾಲದ ಬೇಡಿಕೆಗೆ ಸ್ಪಂದಿಸಲಾಗಿದೆ ಎಂದರು.
ಯಾವುದೇ ಅನನುಕೂಲತೆ ಕಾಡದಂತೆ ಕ್ರಮ ಕೈಗೊಳ್ಳಲಾಗುವುದು. ರೈಲ್ವೆ ಮಾರ್ಗ ವಿಸ್ತರಿಸಿ ಪ್ರಯಾಣಿಕರಿಗೆ ಹೆಚ್ಚಿನ ಸೌಲಭ್ಯಗಳನ್ನು ಒದಗಿಸಲಾಗುವುದು ಎಂದು ಹೇಳಿದರು. ಕಾರ್ಯಕ್ರಮದಲ್ಲಿ ಅಧಿಕಾರಿಗಳು, ಶಾಲಾ ಮಕ್ಕಳು ಹಾಗೂ ಗ್ರಾಮಸ್ಥರು ಭಾಗವಹಿಸಿದ್ದರು.
MUNJANEVARTHE KANNADA DAILY, EDITOR, PRINTER PUBLISHED And OWNED BY H.L.Amaranth, and Printed at: Sree Manjunatha enterprises, No.30Subbannachan Lane 1st Cross, Cottenpet Bangalore-560053,
MOB: 91414 14119 Published at: No.97, 2nd Cross, Vivekananda Nagar, Khadi commision layout, BSK 3rd Stage, Katharaguppe Main Road, Bangalore 560085
